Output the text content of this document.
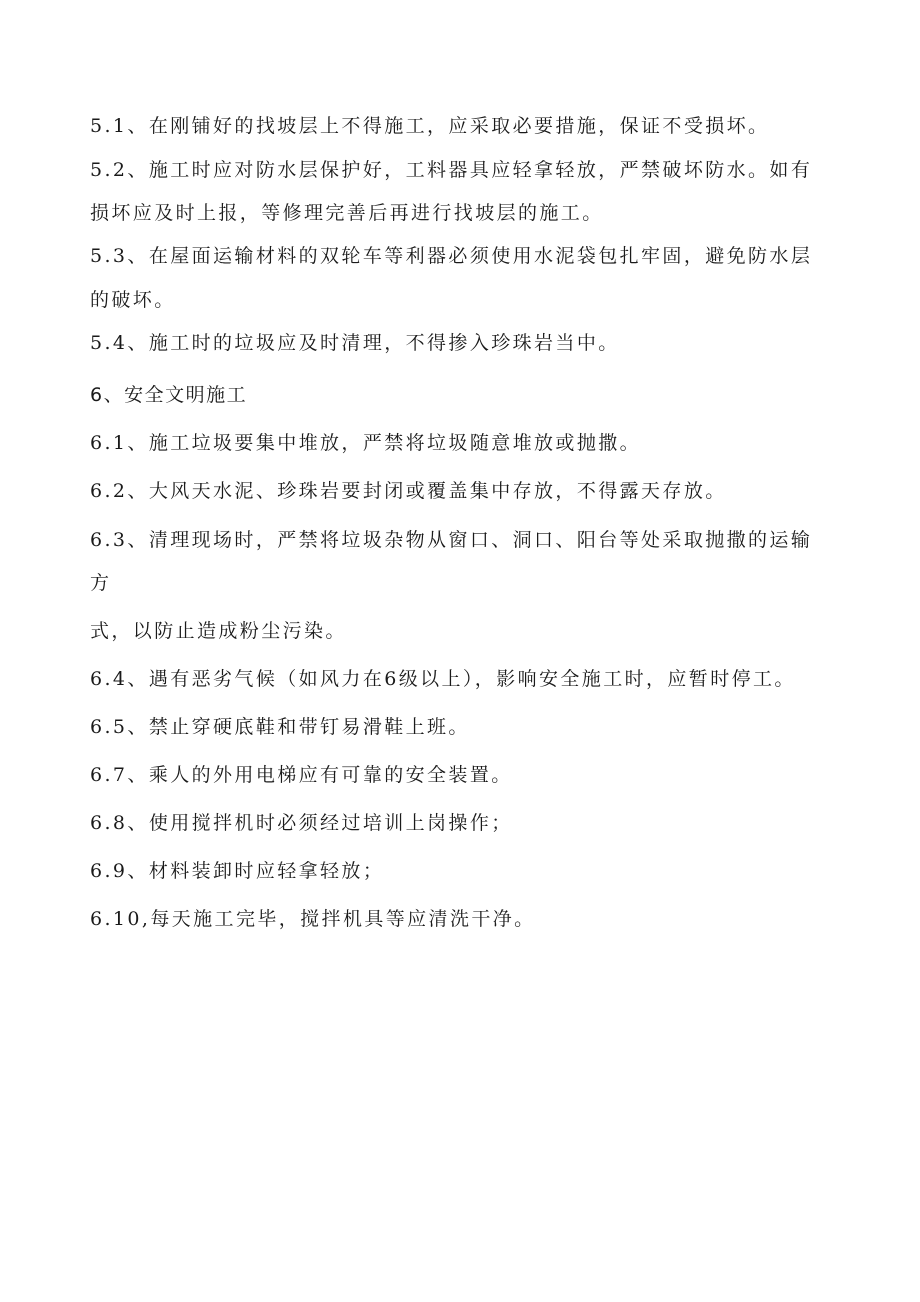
5.1、在刚铺好的找坡层上不得施工，应采取必要措施，保证不受损坏。
5.2、施工时应对防水层保护好，工料器具应轻拿轻放，严禁破坏防水。如有
损坏应及时上报，等修理完善后再进行找坡层的施工。
5.3、在屋面运输材料的双轮车等利器必须使用水泥袋包扎牢固，避免防水层
的破坏。
5.4、施工时的垃圾应及时清理，不得掺入珍珠岩当中。
6、安全文明施工
6.1、施工垃圾要集中堆放，严禁将垃圾随意堆放或抛撒。
6.2、大风天水泥、珍珠岩要封闭或覆盖集中存放，不得露天存放。
6.3、清理现场时，严禁将垃圾杂物从窗口、洞口、阳台等处采取抛撒的运输
方
式，以防止造成粉尘污染。
6.4、遇有恶劣气候（如风力在6级以上），影响安全施工时，应暂时停工。
6.5、禁止穿硬底鞋和带钉易滑鞋上班。
6.7、乘人的外用电梯应有可靠的安全装置。
6.8、使用搅拌机时必须经过培训上岗操作；
6.9、材料装卸时应轻拿轻放；
6.10,每天施工完毕，搅拌机具等应清洗干净。
